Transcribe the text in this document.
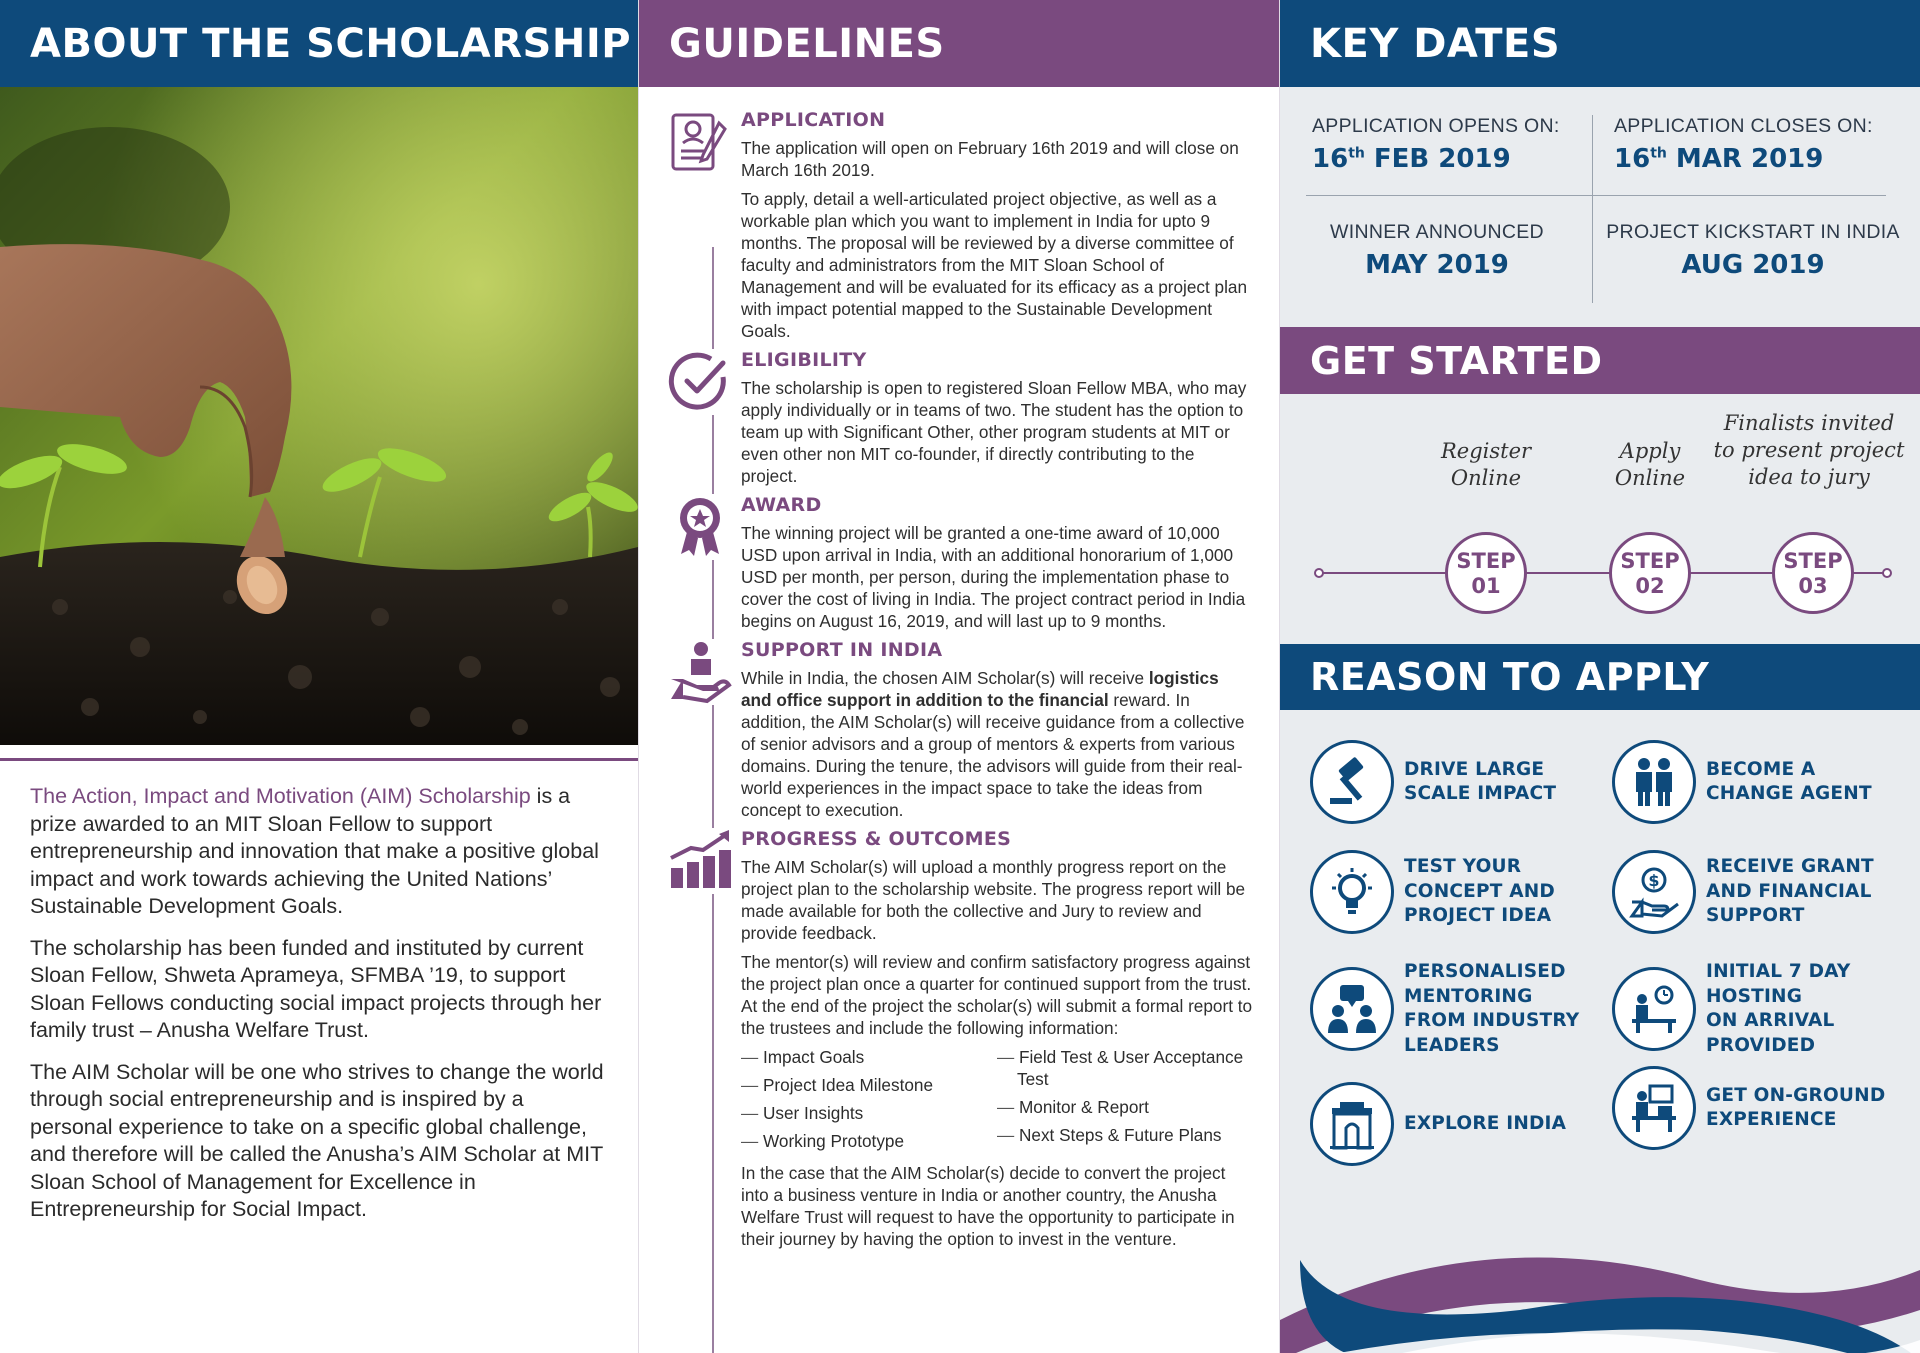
ABOUT THE SCHOLARSHIP

The Action, Impact and Motivation (AIM) Scholarship is a prize awarded to an MIT Sloan Fellow to support entrepreneurship and innovation that make a positive global impact and work towards achieving the United Nations’ Sustainable Development Goals.

The scholarship has been funded and instituted by current Sloan Fellow, Shweta Aprameya, SFMBA ’19, to support Sloan Fellows conducting social impact projects through her family trust – Anusha Welfare Trust.

The AIM Scholar will be one who strives to change the world through social entrepreneurship and is inspired by a personal experience to take on a specific global challenge, and therefore will be called the Anusha’s AIM Scholar at MIT Sloan School of Management for Excellence in Entrepreneurship for Social Impact.

GUIDELINES
APPLICATION

The application will open on February 16th 2019 and will close on March 16th 2019.

To apply, detail a well-articulated project objective, as well as a workable plan which you want to implement in India for upto 9 months. The proposal will be reviewed by a diverse committee of faculty and administrators from the MIT Sloan School of Management and will be evaluated for its efficacy as a project plan with impact potential mapped to the Sustainable Development Goals.

ELIGIBILITY

The scholarship is open to registered Sloan Fellow MBA, who may apply individually or in teams of two. The student has the option to team up with Significant Other, other program students at MIT or even other non MIT co-founder, if directly contributing to the project.

AWARD

The winning project will be granted a one-time award of 10,000 USD upon arrival in India, with an additional honorarium of 1,000 USD per month, per person, during the implementation phase to cover the cost of living in India. The project contract period in India begins on August 16, 2019, and will last up to 9 months.

SUPPORT IN INDIA

While in India, the chosen AIM Scholar(s) will receive logistics and office support in addition to the financial reward. In addition, the AIM Scholar(s) will receive guidance from a collective of senior advisors and a group of mentors & experts from various domains. During the tenure, the advisors will guide from their real-world experiences in the impact space to take the ideas from concept to execution.

PROGRESS & OUTCOMES

The AIM Scholar(s) will upload a monthly progress report on the project plan to the scholarship website. The progress report will be made available for both the collective and Jury to review and provide feedback.

The mentor(s) will review and confirm satisfactory progress against the project plan once a quarter for continued support from the trust. At the end of the project the scholar(s) will submit a formal report to the trustees and include the following information:

— Impact Goals
— Project Idea Milestone
— User Insights
— Working Prototype
— Field Test & User Acceptance Test
— Monitor & Report
— Next Steps & Future Plans

In the case that the AIM Scholar(s) decide to convert the project into a business venture in India or another country, the Anusha Welfare Trust will request to have the opportunity to participate in their journey by having the option to invest in the venture.

KEY DATES
APPLICATION OPENS ON:
16th FEB 2019
APPLICATION CLOSES ON:
16th MAR 2019
WINNER ANNOUNCED
MAY 2019
PROJECT KICKSTART IN INDIA
AUG 2019
GET STARTED
Register
Online
STEP
01
Apply
Online
STEP
02
Finalists invited
to present project
idea to jury
STEP
03
REASON TO APPLY
DRIVE LARGE
SCALE IMPACT
BECOME A
CHANGE AGENT
TEST YOUR
CONCEPT AND
PROJECT IDEA
$
RECEIVE GRANT
AND FINANCIAL
SUPPORT
PERSONALISED
MENTORING
FROM INDUSTRY
LEADERS
INITIAL 7 DAY
HOSTING
ON ARRIVAL
PROVIDED
EXPLORE INDIA
GET ON-GROUND
EXPERIENCE
